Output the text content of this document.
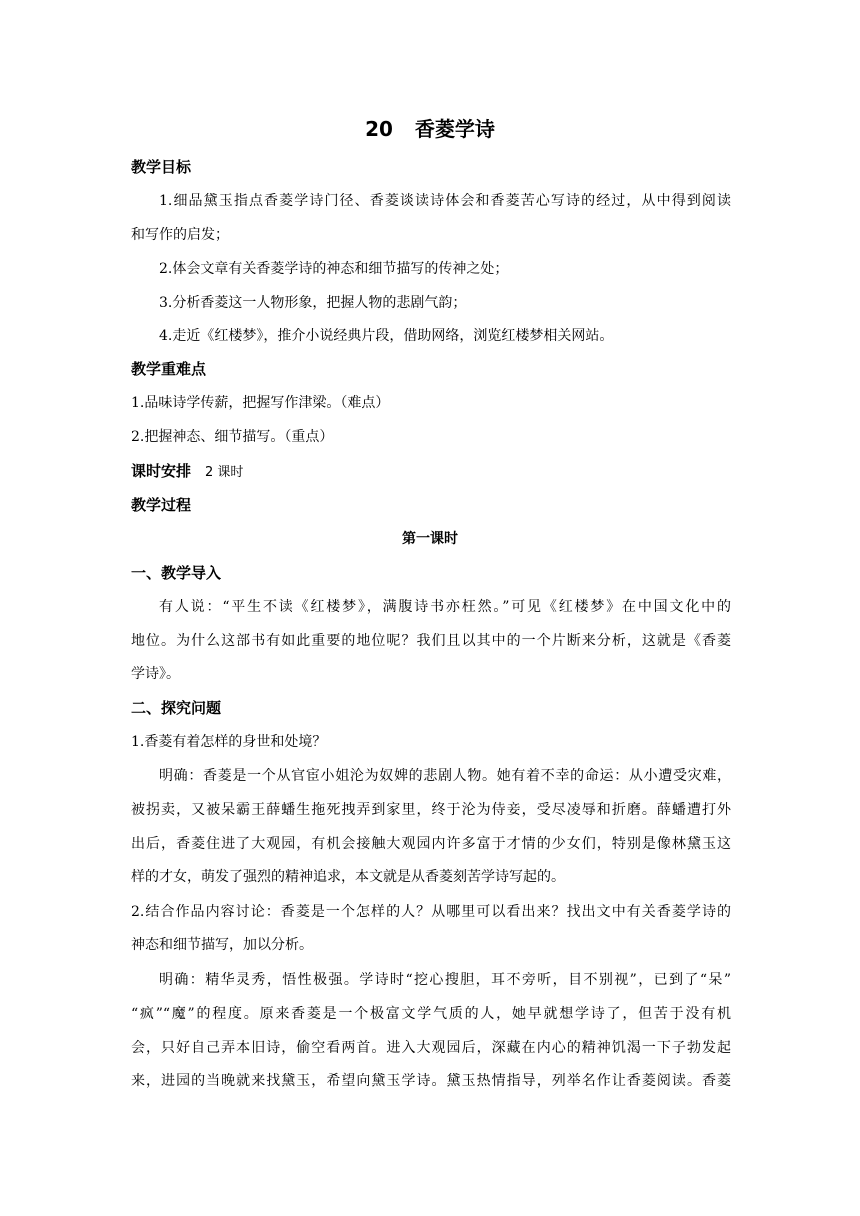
20 香菱学诗
教学目标
1.细品黛玉指点香菱学诗门径、香菱谈读诗体会和香菱苦心写诗的经过，从中得到阅读
和写作的启发；
2.体会文章有关香菱学诗的神态和细节描写的传神之处；
3.分析香菱这一人物形象，把握人物的悲剧气韵；
4.走近《红楼梦》，推介小说经典片段，借助网络，浏览红楼梦相关网站。
教学重难点
1.品味诗学传薪，把握写作津梁。（难点）
2.把握神态、细节描写。（重点）
课时安排 2 课时
教学过程
第一课时
一、教学导入
有人说：“平生不读《红楼梦》，满腹诗书亦枉然。”可见《红楼梦》在中国文化中的
地位。为什么这部书有如此重要的地位呢？我们且以其中的一个片断来分析，这就是《香菱
学诗》。
二、探究问题
1.香菱有着怎样的身世和处境？
明确：香菱是一个从官宦小姐沦为奴婢的悲剧人物。她有着不幸的命运：从小遭受灾难，
被拐卖，又被呆霸王薛蟠生拖死拽弄到家里，终于沦为侍妾，受尽凌辱和折磨。薛蟠遭打外
出后，香菱住进了大观园，有机会接触大观园内许多富于才情的少女们，特别是像林黛玉这
样的才女，萌发了强烈的精神追求，本文就是从香菱刻苦学诗写起的。
2.结合作品内容讨论：香菱是一个怎样的人？从哪里可以看出来？找出文中有关香菱学诗的
神态和细节描写，加以分析。
明确：精华灵秀，悟性极强。学诗时“挖心搜胆，耳不旁听，目不别视”，已到了“呆”
“疯”“魔”的程度。原来香菱是一个极富文学气质的人，她早就想学诗了，但苦于没有机
会，只好自己弄本旧诗，偷空看两首。进入大观园后，深藏在内心的精神饥渴一下子勃发起
来，进园的当晚就来找黛玉，希望向黛玉学诗。黛玉热情指导，列举名作让香菱阅读。香菱
